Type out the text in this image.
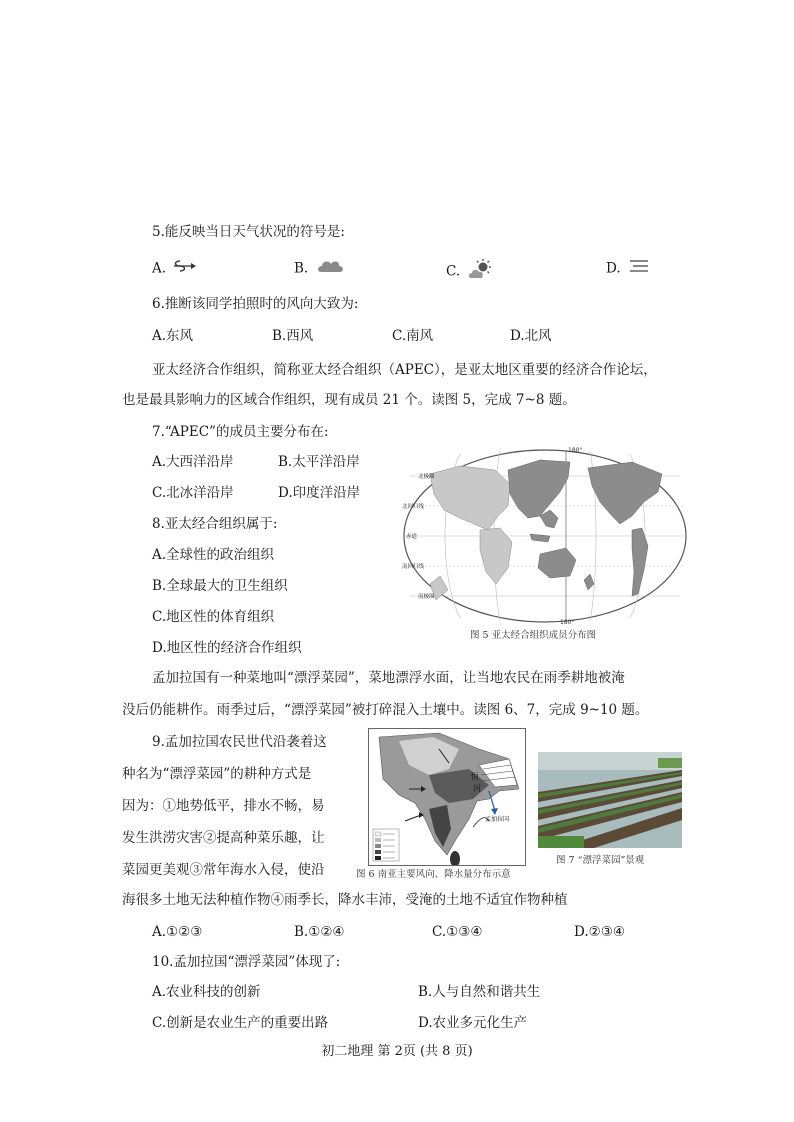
5.能反映当日天气状况的符号是:
A.	B.	C.	D.
6.推断该同学拍照时的风向大致为:
A.东风	B.西风	C.南风	D.北风
亚太经济合作组织，简称亚太经合组织（APEC），是亚太地区重要的经济合作论坛，
也是最具影响力的区域合作组织，现有成员 21 个。读图 5，完成 7~8 题。
7.“APEC”的成员主要分布在:
A.大西洋沿岸	B.太平洋沿岸
C.北冰洋沿岸	D.印度洋沿岸
8.亚太经合组织属于:
A.全球性的政治组织
B.全球最大的卫生组织
C.地区性的体育组织
D.地区性的经济合作组织
180°
180°
北极圈
北回归线
赤道
南回归线
南极圈
图 5 亚太经合组织成员分布图
孟加拉国有一种菜地叫“漂浮菜园”，菜地漂浮水面，让当地农民在雨季耕地被淹
没后仍能耕作。雨季过后，“漂浮菜园”被打碎混入土壤中。读图 6、7，完成 9~10 题。
9.孟加拉国农民世代沿袭着这
种名为“漂浮菜园”的耕种方式是
因为：①地势低平，排水不畅，易
发生洪涝灾害②提高种菜乐趣，让
菜园更美观③常年海水入侵，使沿
海很多土地无法种植作物④雨季长，降水丰沛，受淹的土地不适宜作物种植
A.①②③	B.①②④	C.①③④	D.②③④
恒
河
孟加拉国
图 6 南亚主要风向、降水量分布示意
图 7 “漂浮菜园”景观
10.孟加拉国“漂浮菜园”体现了:
A.农业科技的创新	B.人与自然和谐共生
C.创新是农业生产的重要出路	D.农业多元化生产
初二地理 第 2页 (共 8 页)
